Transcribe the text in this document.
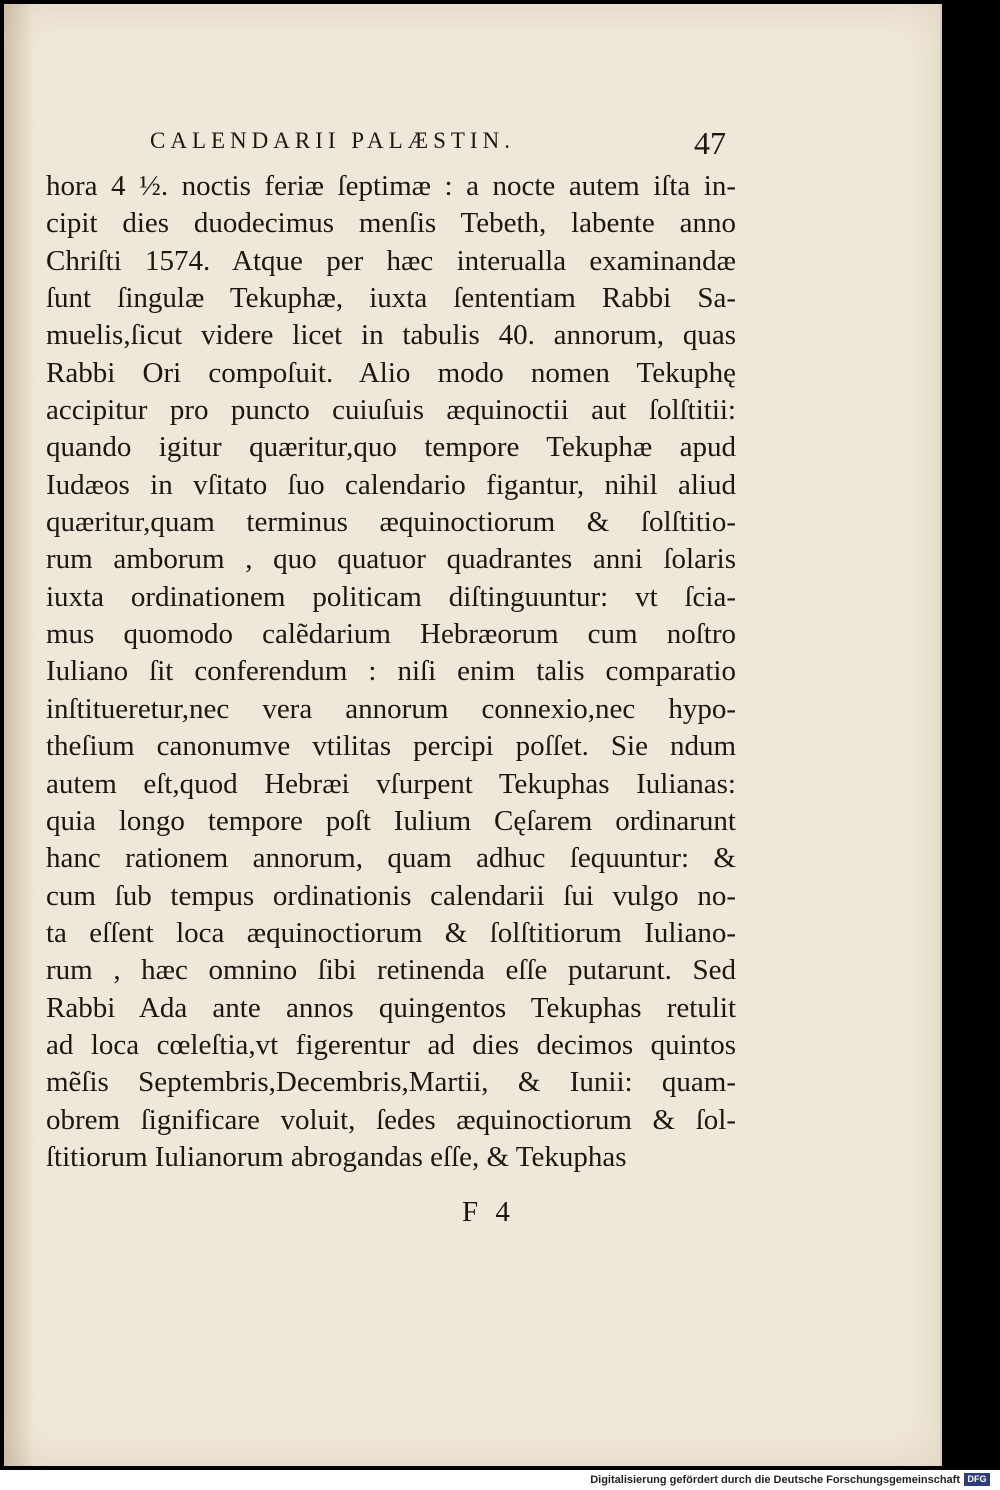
CALENDARII PALÆSTIN.	47
hora 4 ½. noctis feriæ ſeptimæ : a nocte autem iſta in-
cipit dies duodecimus menſis Tebeth, labente anno
Chriſti 1574. Atque per hæc interualla examinandæ
ſunt ſingulæ Tekuphæ, iuxta ſententiam Rabbi Sa-
muelis,ſicut videre licet in tabulis 40. annorum, quas
Rabbi Ori compoſuit. Alio modo nomen Tekuphę
accipitur pro puncto cuiuſuis æquinoctii aut ſolſtitii:
quando igitur quæritur,quo tempore Tekuphæ apud
Iudæos in vſitato ſuo calendario figantur, nihil aliud
quæritur,quam terminus æquinoctiorum & ſolſtitio-
rum amborum , quo quatuor quadrantes anni ſolaris
iuxta ordinationem politicam diſtinguuntur: vt ſcia-
mus quomodo calẽdarium Hebræorum cum noſtro
Iuliano ſit conferendum : niſi enim talis comparatio
inſtitueretur,nec vera annorum connexio,nec hypo-
theſium canonumve vtilitas percipi poſſet. Sie ndum
autem eſt,quod Hebræi vſurpent Tekuphas Iulianas:
quia longo tempore poſt Iulium Cęſarem ordinarunt
hanc rationem annorum, quam adhuc ſequuntur: &
cum ſub tempus ordinationis calendarii ſui vulgo no-
ta eſſent loca æquinoctiorum & ſolſtitiorum Iuliano-
rum , hæc omnino ſibi retinenda eſſe putarunt. Sed
Rabbi Ada ante annos quingentos Tekuphas retulit
ad loca cœleſtia,vt figerentur ad dies decimos quintos
mẽſis Septembris,Decembris,Martii, & Iunii: quam-
obrem ſignificare voluit, ſedes æquinoctiorum & ſol-
ſtitiorum Iulianorum abrogandas eſſe, & Tekuphas
F 4
Digitalisierung gefördert durch die Deutsche Forschungsgemeinschaft DFG
